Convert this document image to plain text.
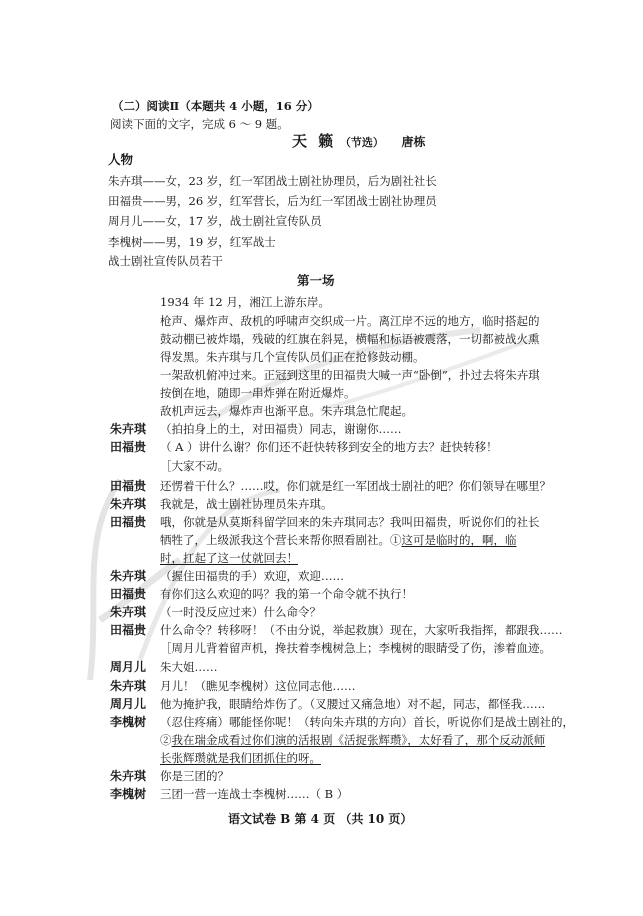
（二）阅读Ⅱ（本题共 4 小题，16 分）
阅读下面的文字，完成 6 ～ 9 题。
天 籁 （节选） 唐栋
人物
朱卉琪——女，23 岁，红一军团战士剧社协理员，后为剧社社长
田福贵——男，26 岁，红军营长，后为红一军团战士剧社协理员
周月儿——女，17 岁，战士剧社宣传队员
李槐树——男，19 岁，红军战士
战士剧社宣传队员若干
第一场
1934 年 12 月，湘江上游东岸。
枪声、爆炸声、敌机的呼啸声交织成一片。离江岸不远的地方，临时搭起的
鼓动棚已被炸塌，残破的红旗在斜晃，横幅和标语被震落，一切都被战火熏
得发黑。朱卉琪与几个宣传队员们正在抢修鼓动棚。
一架敌机俯冲过来。正冠到这里的田福贵大喊一声“卧倒”，扑过去将朱卉琪
按倒在地，随即一串炸弹在附近爆炸。
敌机声远去，爆炸声也渐平息。朱卉琪急忙爬起。
朱卉琪 （拍拍身上的土，对田福贵）同志，谢谢你……
田福贵 （ A ）讲什么谢？你们还不赶快转移到安全的地方去？赶快转移！
［大家不动。
田福贵 还愣着干什么？……哎，你们就是红一军团战士剧社的吧？你们领导在哪里？
朱卉琪 我就是，战士剧社协理员朱卉琪。
田福贵 哦，你就是从莫斯科留学回来的朱卉琪同志？我叫田福贵，听说你们的社长
牺牲了，上级派我这个营长来帮你照看剧社。①这可是临时的，啊，临
时，扛起了这一仗就回去！
朱卉琪 （握住田福贵的手）欢迎，欢迎……
田福贵 有你们这么欢迎的吗？我的第一个命令就不执行！
朱卉琪 （一时没反应过来）什么命令？
田福贵 什么命令？转移呀！（不由分说，举起救旗）现在，大家听我指挥，都跟我……
［周月儿背着留声机，搀扶着李槐树急上；李槐树的眼睛受了伤，渗着血迹。
周月儿 朱大姐……
朱卉琪 月儿！（瞧见李槐树）这位同志他……
周月儿 他为掩护我，眼睛给炸伤了。（叉腰过又痛急地）对不起，同志，都怪我……
李槐树 （忍住疼痛）哪能怪你呢！（转向朱卉琪的方向）首长，听说你们是战士剧社的，
②我在瑞金成看过你们演的活报剧《活捉张辉瓒》，太好看了，那个反动派师
长张辉瓒就是我们团抓住的呀。
朱卉琪 你是三团的？
李槐树 三团一营一连战士李槐树……（ B ）
语文试卷 B 第 4 页 （共 10 页）
